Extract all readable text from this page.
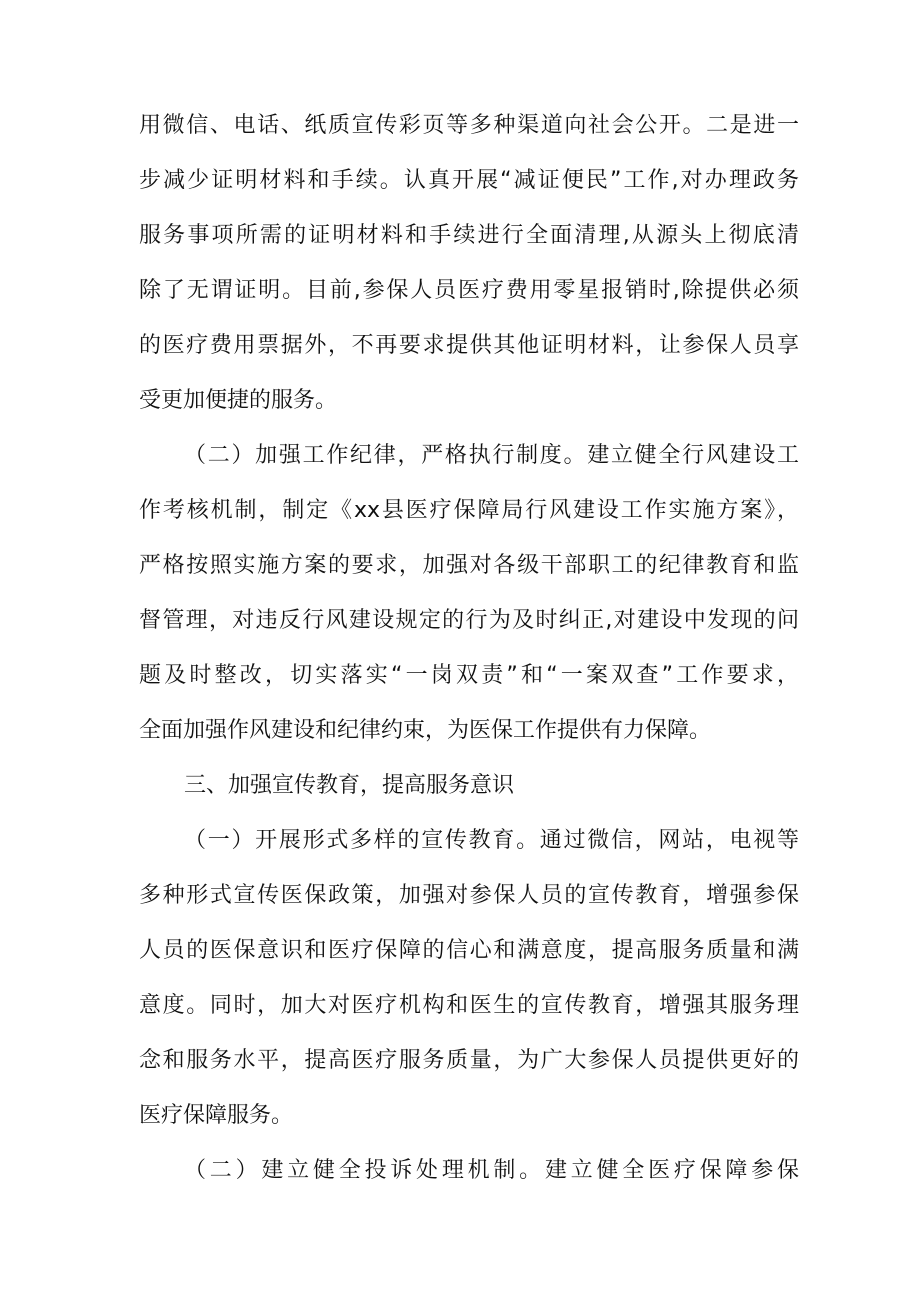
用微信、电话、纸质宣传彩页等多种渠道向社会公开。二是进一
步减少证明材料和手续。认真开展“减证便民”工作,对办理政务
服务事项所需的证明材料和手续进行全面清理,从源头上彻底清
除了无谓证明。目前,参保人员医疗费用零星报销时,除提供必须
的医疗费用票据外，不再要求提供其他证明材料，让参保人员享
受更加便捷的服务。
（二）加强工作纪律，严格执行制度。建立健全行风建设工
作考核机制，制定《xx县医疗保障局行风建设工作实施方案》，
严格按照实施方案的要求，加强对各级干部职工的纪律教育和监
督管理，对违反行风建设规定的行为及时纠正,对建设中发现的问
题及时整改，切实落实“一岗双责”和“一案双查”工作要求，
全面加强作风建设和纪律约束，为医保工作提供有力保障。
三、加强宣传教育，提高服务意识
（一）开展形式多样的宣传教育。通过微信，网站，电视等
多种形式宣传医保政策，加强对参保人员的宣传教育，增强参保
人员的医保意识和医疗保障的信心和满意度，提高服务质量和满
意度。同时，加大对医疗机构和医生的宣传教育，增强其服务理
念和服务水平，提高医疗服务质量，为广大参保人员提供更好的
医疗保障服务。
（二）建立健全投诉处理机制。建立健全医疗保障参保
